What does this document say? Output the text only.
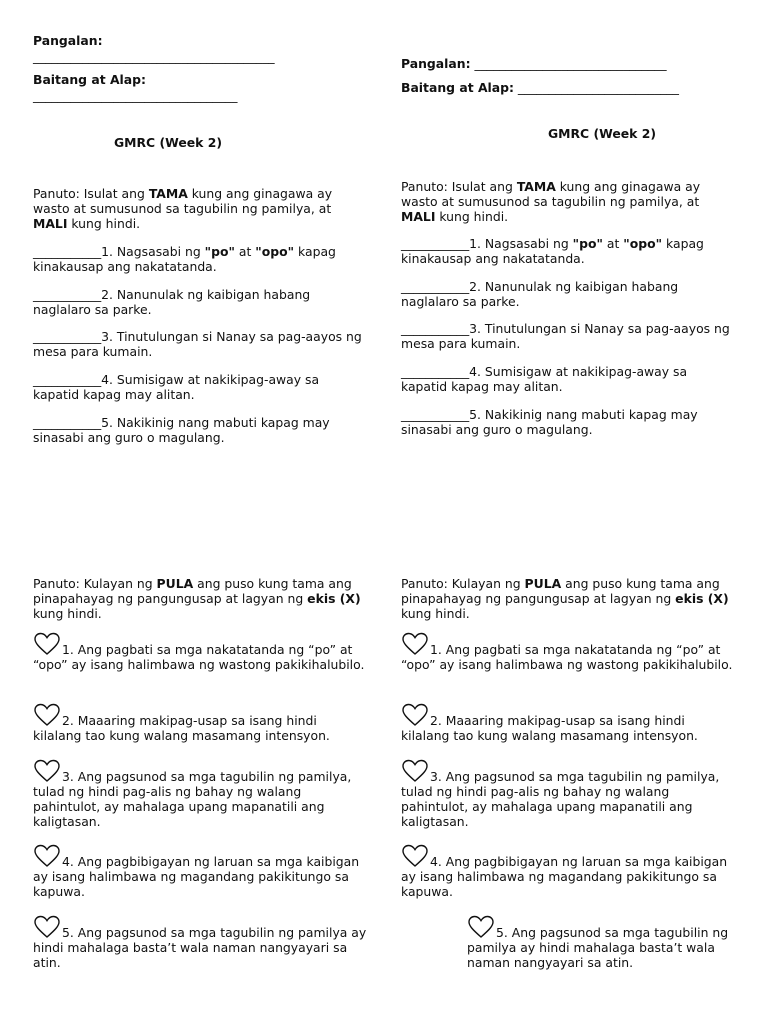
Pangalan:
_______________________________________
Baitang at Alap:
_________________________________
GMRC (Week 2)
Panuto: Isulat ang TAMA kung ang ginagawa ay wasto at sumusunod sa tagubilin ng pamilya, at MALI kung hindi.
___________1. Nagsasabi ng "po" at "opo" kapag kinakausap ang nakatatanda.
___________2. Nanunulak ng kaibigan habang naglalaro sa parke.
___________3. Tinutulungan si Nanay sa pag-aayos ng mesa para kumain.
___________4. Sumisigaw at nakikipag-away sa kapatid kapag may alitan.
___________5. Nakikinig nang mabuti kapag may sinasabi ang guro o magulang.
Panuto: Kulayan ng PULA ang puso kung tama ang pinapahayag ng pangungusap at lagyan ng ekis (X) kung hindi.
1. Ang pagbati sa mga nakatatanda ng “po” at “opo” ay isang halimbawa ng wastong pakikihalubilo.
2. Maaaring makipag-usap sa isang hindi kilalang tao kung walang masamang intensyon.
3. Ang pagsunod sa mga tagubilin ng pamilya, tulad ng hindi pag-alis ng bahay ng walang pahintulot, ay mahalaga upang mapanatili ang kaligtasan.
4. Ang pagbibigayan ng laruan sa mga kaibigan ay isang halimbawa ng magandang pakikitungo sa kapuwa.
5. Ang pagsunod sa mga tagubilin ng pamilya ay hindi mahalaga basta’t wala naman nangyayari sa atin.
Pangalan: _______________________________
Baitang at Alap: __________________________
GMRC (Week 2)
Panuto: Isulat ang TAMA kung ang ginagawa ay wasto at sumusunod sa tagubilin ng pamilya, at MALI kung hindi.
___________1. Nagsasabi ng "po" at "opo" kapag kinakausap ang nakatatanda.
___________2. Nanunulak ng kaibigan habang naglalaro sa parke.
___________3. Tinutulungan si Nanay sa pag-aayos ng mesa para kumain.
___________4. Sumisigaw at nakikipag-away sa kapatid kapag may alitan.
___________5. Nakikinig nang mabuti kapag may sinasabi ang guro o magulang.
Panuto: Kulayan ng PULA ang puso kung tama ang pinapahayag ng pangungusap at lagyan ng ekis (X) kung hindi.
1. Ang pagbati sa mga nakatatanda ng “po” at “opo” ay isang halimbawa ng wastong pakikihalubilo.
2. Maaaring makipag-usap sa isang hindi kilalang tao kung walang masamang intensyon.
3. Ang pagsunod sa mga tagubilin ng pamilya, tulad ng hindi pag-alis ng bahay ng walang pahintulot, ay mahalaga upang mapanatili ang kaligtasan.
4. Ang pagbibigayan ng laruan sa mga kaibigan ay isang halimbawa ng magandang pakikitungo sa kapuwa.
5. Ang pagsunod sa mga tagubilin ng pamilya ay hindi mahalaga basta’t wala naman nangyayari sa atin.
